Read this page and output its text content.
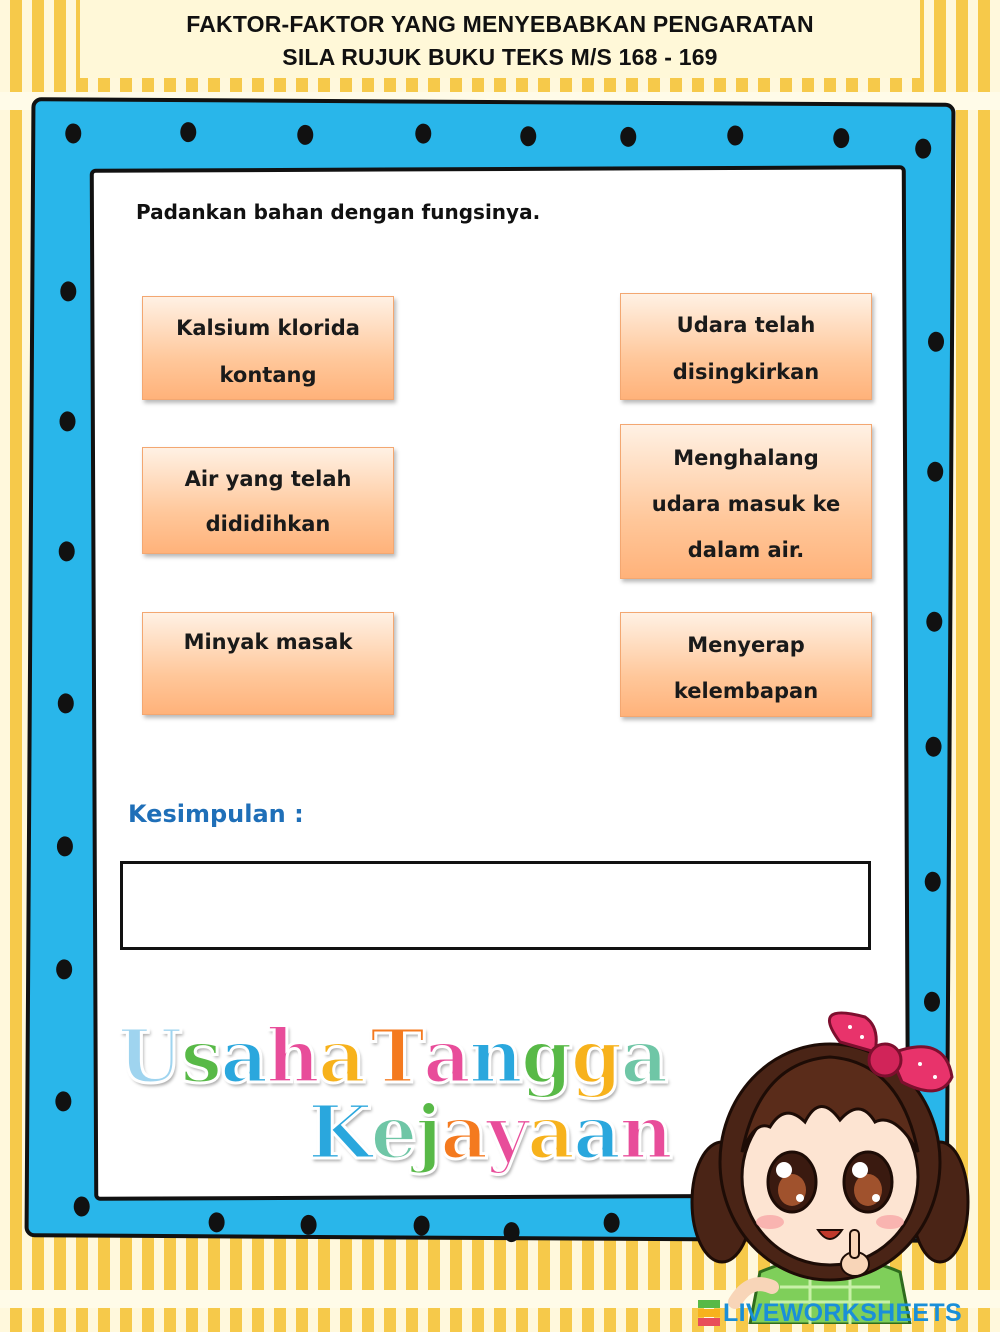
FAKTOR-FAKTOR YANG MENYEBABKAN PENGARATAN
SILA RUJUK BUKU TEKS M/S 168 - 169
Padankan bahan dengan fungsinya.
Kalsium klorida
kontang
Air yang telah
dididihkan
Minyak masak
Udara telah
disingkirkan
Menghalang
udara masuk ke
dalam air.
Menyerap
kelembapan
Kesimpulan :
Usaha Tangga
Kejayaan
LIVEWORKSHEETS
